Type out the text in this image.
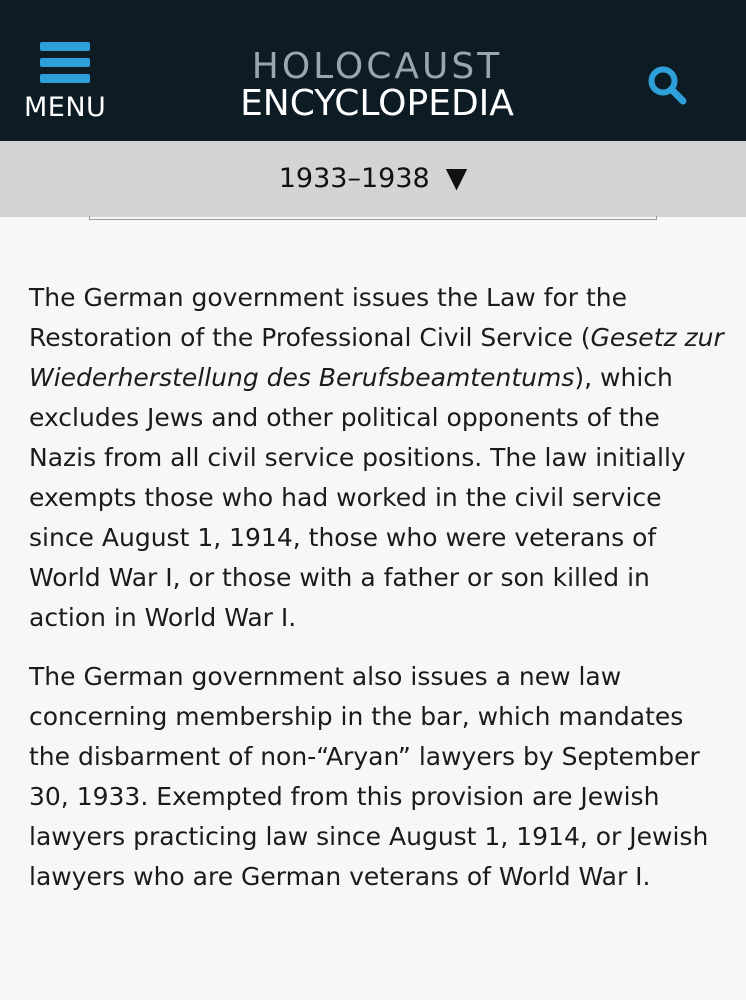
MENU
HOLOCAUST
ENCYCLOPEDIA
1933–1938 ▼

The German government issues the Law for the Restoration of the Professional Civil Service (Gesetz zur Wiederherstellung des Berufsbeamtentums), which excludes Jews and other political opponents of the Nazis from all civil service positions. The law initially exempts those who had worked in the civil service since August 1, 1914, those who were veterans of World War I, or those with a father or son killed in action in World War I.

The German government also issues a new law concerning membership in the bar, which mandates the disbarment of non-“Aryan” lawyers by September 30, 1933. Exempted from this provision are Jewish lawyers practicing law since August 1, 1914, or Jewish lawyers who are German veterans of World War I.
